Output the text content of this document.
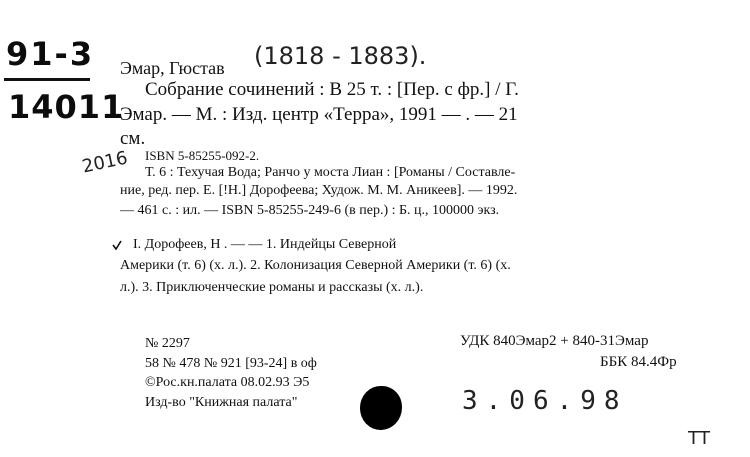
91-3
14011
Эмар, Гюстав (1818 - 1883).
Собрание сочинений : В 25 т. : [Пер. с фр.] / Г.
Эмар. — М. : Изд. центр «Терра», 1991 — . — 21
см.
2016 ISBN 5-85255-092-2.
Т. 6 : Техучая Вода; Ранчо у моста Лиан : [Романы / Составле-
ние, ред. пер. Е. [!Н.] Дорофеева; Худож. М. М. Аникеев]. — 1992.
— 461 с. : ил. — ISBN 5-85255-249-6 (в пер.) : Б. ц., 100000 экз.
I. Дорофеев, Н . — — 1. Индейцы Северной
Америки (т. 6) (х. л.). 2. Колонизация Северной Америки (т. 6) (х.
л.). 3. Приключенческие романы и рассказы (х. л.).
№ 2297
58 № 478 № 921 [93-24] в оф
©Рос.кн.палата 08.02.93 Э5
Изд-во "Книжная палата"
УДК 840Эмар2 + 840-31Эмар
ББК 84.4Фр
3.06.98
ТТ
